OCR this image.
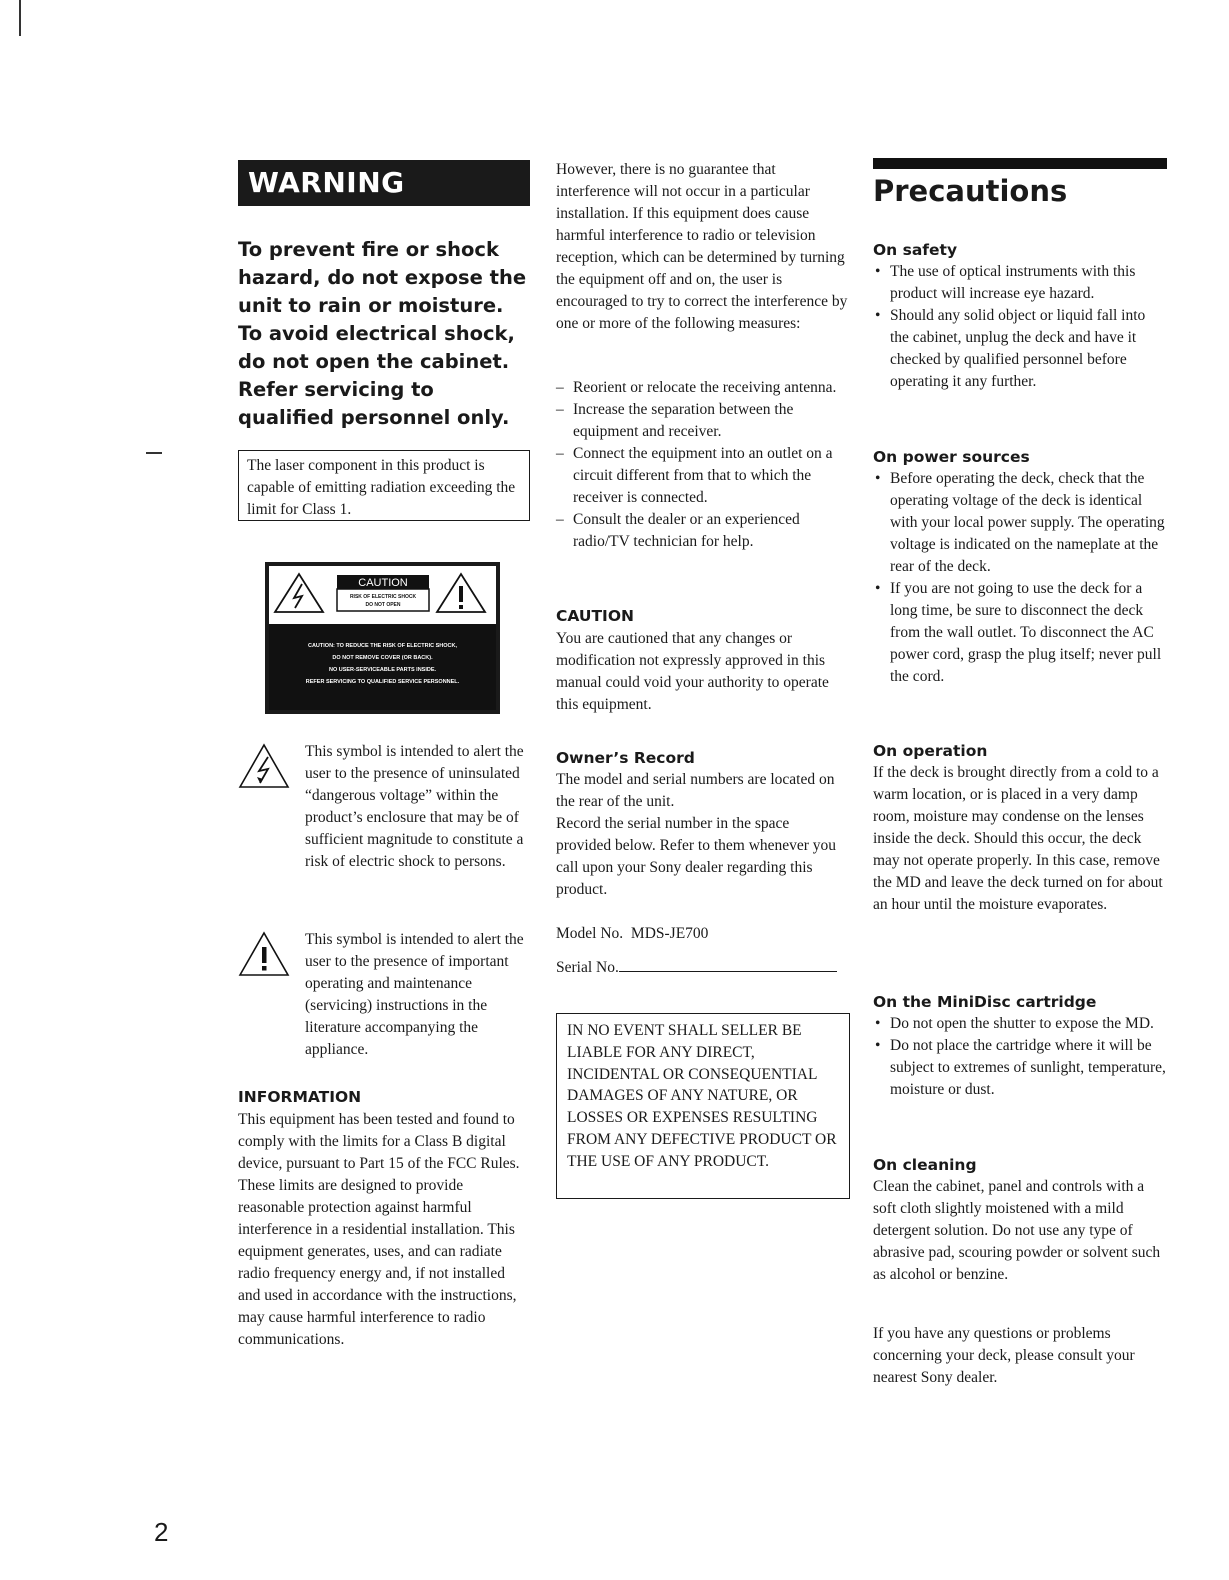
WARNING

To prevent fire or shock hazard, do not expose the unit to rain or moisture.

To avoid electrical shock, do not open the cabinet. Refer servicing to qualified personnel only.

The laser component in this product is capable of emitting radiation exceeding the limit for Class 1.
CAUTION
RISK OF ELECTRIC SHOCK
DO NOT OPEN
CAUTION: TO REDUCE THE RISK OF ELECTRIC SHOCK,
DO NOT REMOVE COVER (OR BACK).
NO USER-SERVICEABLE PARTS INSIDE.
REFER SERVICING TO QUALIFIED SERVICE PERSONNEL.
This symbol is intended to alert the user to the presence of uninsulated “dangerous voltage” within the product’s enclosure that may be of sufficient magnitude to constitute a risk of electric shock to persons.
This symbol is intended to alert the user to the presence of important operating and maintenance (servicing) instructions in the literature accompanying the appliance.
INFORMATION
This equipment has been tested and found to comply with the limits for a Class B digital device, pursuant to Part 15 of the FCC Rules. These limits are designed to provide reasonable protection against harmful interference in a residential installation. This equipment generates, uses, and can radiate radio frequency energy and, if not installed and used in accordance with the instructions, may cause harmful interference to radio communications.
However, there is no guarantee that interference will not occur in a particular installation. If this equipment does cause harmful interference to radio or television reception, which can be determined by turning the equipment off and on, the user is encouraged to try to correct the interference by one or more of the following measures:
– Reorient or relocate the receiving antenna.
– Increase the separation between the equipment and receiver.
– Connect the equipment into an outlet on a circuit different from that to which the receiver is connected.
– Consult the dealer or an experienced radio/TV technician for help.
CAUTION
You are cautioned that any changes or modification not expressly approved in this manual could void your authority to operate this equipment.
Owner’s Record
The model and serial numbers are located on the rear of the unit.
Record the serial number in the space provided below. Refer to them whenever you call upon your Sony dealer regarding this product.
Model No. MDS-JE700
Serial No.
IN NO EVENT SHALL SELLER BE LIABLE FOR ANY DIRECT, INCIDENTAL OR CONSEQUENTIAL DAMAGES OF ANY NATURE, OR LOSSES OR EXPENSES RESULTING FROM ANY DEFECTIVE PRODUCT OR THE USE OF ANY PRODUCT.
Precautions
On safety
• The use of optical instruments with this product will increase eye hazard.
• Should any solid object or liquid fall into the cabinet, unplug the deck and have it checked by qualified personnel before operating it any further.
On power sources
• Before operating the deck, check that the operating voltage of the deck is identical with your local power supply. The operating voltage is indicated on the nameplate at the rear of the deck.
• If you are not going to use the deck for a long time, be sure to disconnect the deck from the wall outlet. To disconnect the AC power cord, grasp the plug itself; never pull the cord.
On operation
If the deck is brought directly from a cold to a warm location, or is placed in a very damp room, moisture may condense on the lenses inside the deck. Should this occur, the deck may not operate properly. In this case, remove the MD and leave the deck turned on for about an hour until the moisture evaporates.
On the MiniDisc cartridge
• Do not open the shutter to expose the MD.
• Do not place the cartridge where it will be subject to extremes of sunlight, temperature, moisture or dust.
On cleaning
Clean the cabinet, panel and controls with a soft cloth slightly moistened with a mild detergent solution. Do not use any type of abrasive pad, scouring powder or solvent such as alcohol or benzine.
If you have any questions or problems concerning your deck, please consult your nearest Sony dealer.
2
